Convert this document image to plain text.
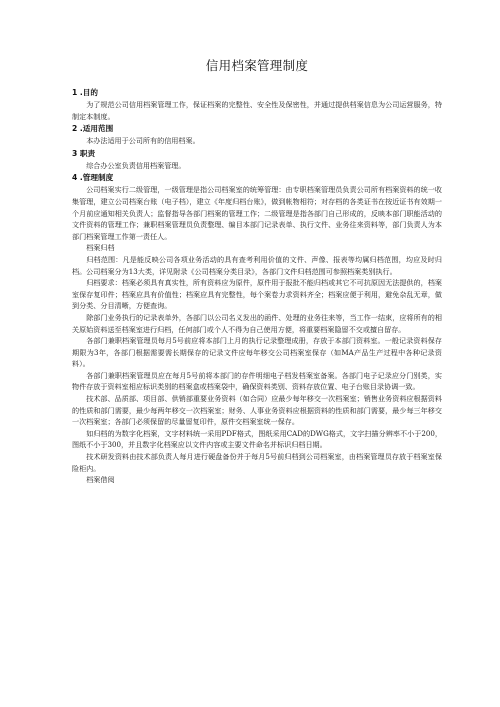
信用档案管理制度
1 .目的

为了规范公司信用档案管理工作，保证档案的完整性、安全性及保密性，并通过提供档案信息为公司运营服务，特制定本制度。

2 .适用范围

本办法适用于公司所有的信用档案。

3 职责

综合办公室负责信用档案管理。

4 .管理制度

公司档案实行二级管理，一级管理是指公司档案室的统筹管理：由专职档案管理员负责公司所有档案资料的统一收集管理，建立公司档案台账（电子档），建立《年度归档台账》，做到帐物相符；对存档的各类证书在按近证书有效期一个月前应通知相关负责人；监督指导各部门档案的管理工作；二级管理是指各部门自己形成的，反映本部门职能活动的文件资料的管理工作；兼职档案管理员负责整理、编目本部门记录表单、执行文件、业务往来资料等，部门负责人为本部门档案管理工作第一责任人。

档案归档

归档范围：凡是能反映公司各项业务活动的具有查考利用价值的文件、声像、报表等均属归档范围，均应及时归档。公司档案分为13大类，详见附录《公司档案分类目录》，各部门文件归档范围可参照档案类别执行。

归档要求：档案必须具有真实性，所有资料应为原件，原件用于报批不能归档或其它不可抗原因无法提供的，档案室保存复印件；档案应具有价值性；档案应具有完整性，每个案卷力求资料齐全；档案应便于利用，避免杂乱无章，做到分类、分目清晰，方便查询。

除部门业务执行的记录表单外，各部门以公司名义发出的函件、处理的业务往来等，当工作一结束，应将所有的相关原始资料送至档案室进行归档，任何部门或个人不得为自己使用方便，将重要档案隐留不交或擅自留存。

各部门兼职档案管理员每月5号前应将本部门上月的执行记录整理成册，存放于本部门资料室。一般记录资料保存期限为3年，各部门根据需要需长期保存的记录文件应每年移交公司档案室保存（如MA产品生产过程中各种记录资料）。

各部门兼职档案管理员应在每月5号前将本部门的存件明细电子档发档案室备案。各部门电子记录应分门别类，实物件存放于资料室相应标识类别的档案盒或档案袋中，确保资料类别、资料存放位置、电子台账目录协调一致。

技术部、品质部、项目部、供销部重要业务资料（如合同）应最少每年移交一次档案室；销售业务资料应根据资料的性质和部门需要，最少每两年移交一次档案室；财务、人事业务资料应根据资料的性质和部门需要，最少每三年移交一次档案室；各部门必须保留的尽量留复印件，原件交档案室统一保存。

如归档的为数字化档案，文字材料统一采用PDF格式，图纸采用CAD的DWG格式，文字扫描分辨率不小于200，图纸不小于300，并且数字化档案应以文件内容或主要文件命名并标识归档日期。

技术研发资料由技术部负责人每月进行硬盘备份并于每月5号前归档到公司档案室，由档案管理员存放于档案室保险柜内。

档案借阅
